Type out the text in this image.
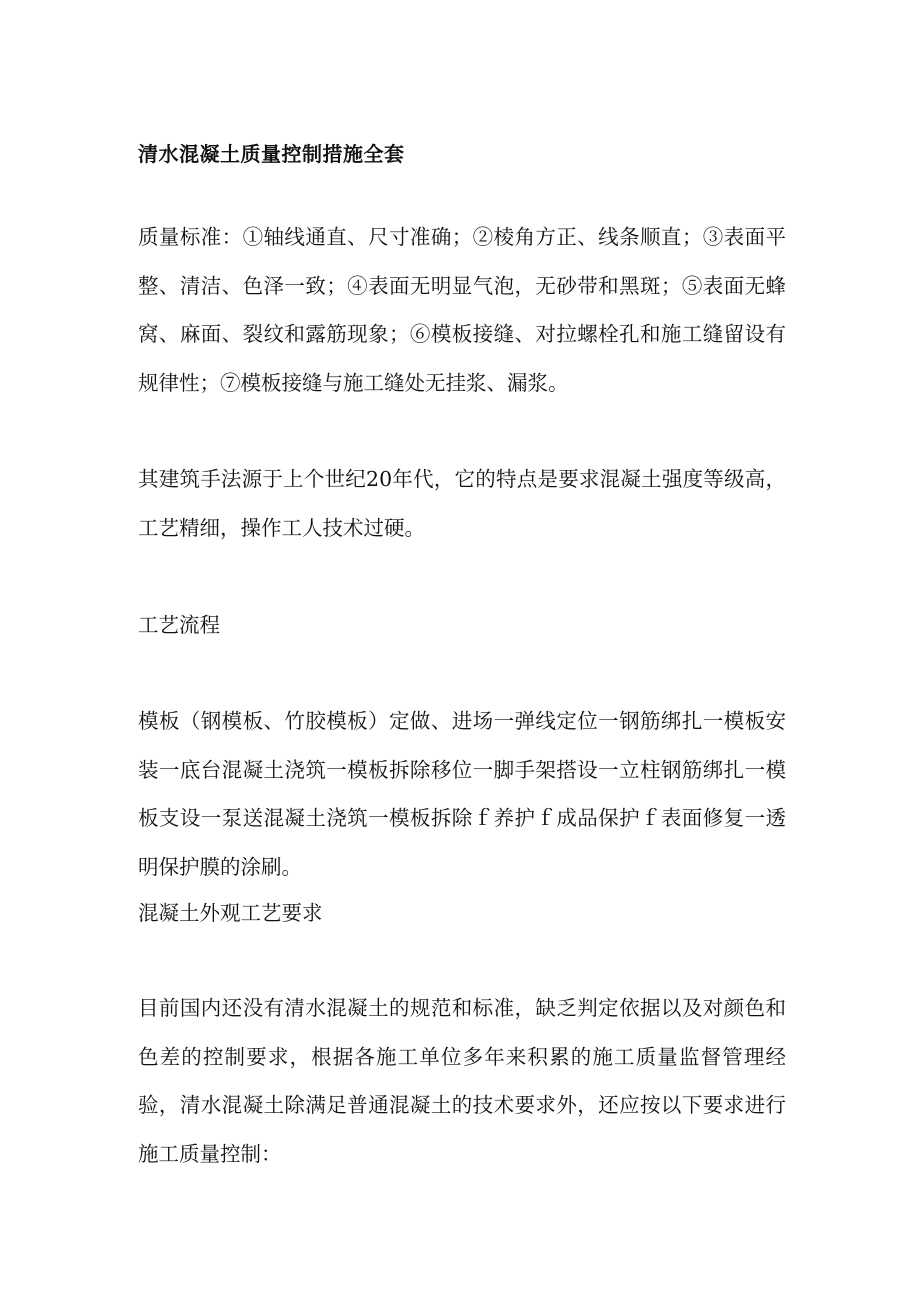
清水混凝土质量控制措施全套

质量标准：①轴线通直、尺寸准确；②棱角方正、线条顺直；③表面平整、清洁、色泽一致；④表面无明显气泡，无砂带和黑斑；⑤表面无蜂窝、麻面、裂纹和露筋现象；⑥模板接缝、对拉螺栓孔和施工缝留设有规律性；⑦模板接缝与施工缝处无挂浆、漏浆。

其建筑手法源于上个世纪20年代，它的特点是要求混凝土强度等级高，工艺精细，操作工人技术过硬。

工艺流程

模板（钢模板、竹胶模板）定做、进场一弹线定位一钢筋绑扎一模板安装一底台混凝土浇筑一模板拆除移位一脚手架搭设一立柱钢筋绑扎一模板支设一泵送混凝土浇筑一模板拆除ｆ养护ｆ成品保护ｆ表面修复一透明保护膜的涂刷。

混凝土外观工艺要求

目前国内还没有清水混凝土的规范和标准，缺乏判定依据以及对颜色和色差的控制要求，根据各施工单位多年来积累的施工质量监督管理经验，清水混凝土除满足普通混凝土的技术要求外，还应按以下要求进行施工质量控制：
